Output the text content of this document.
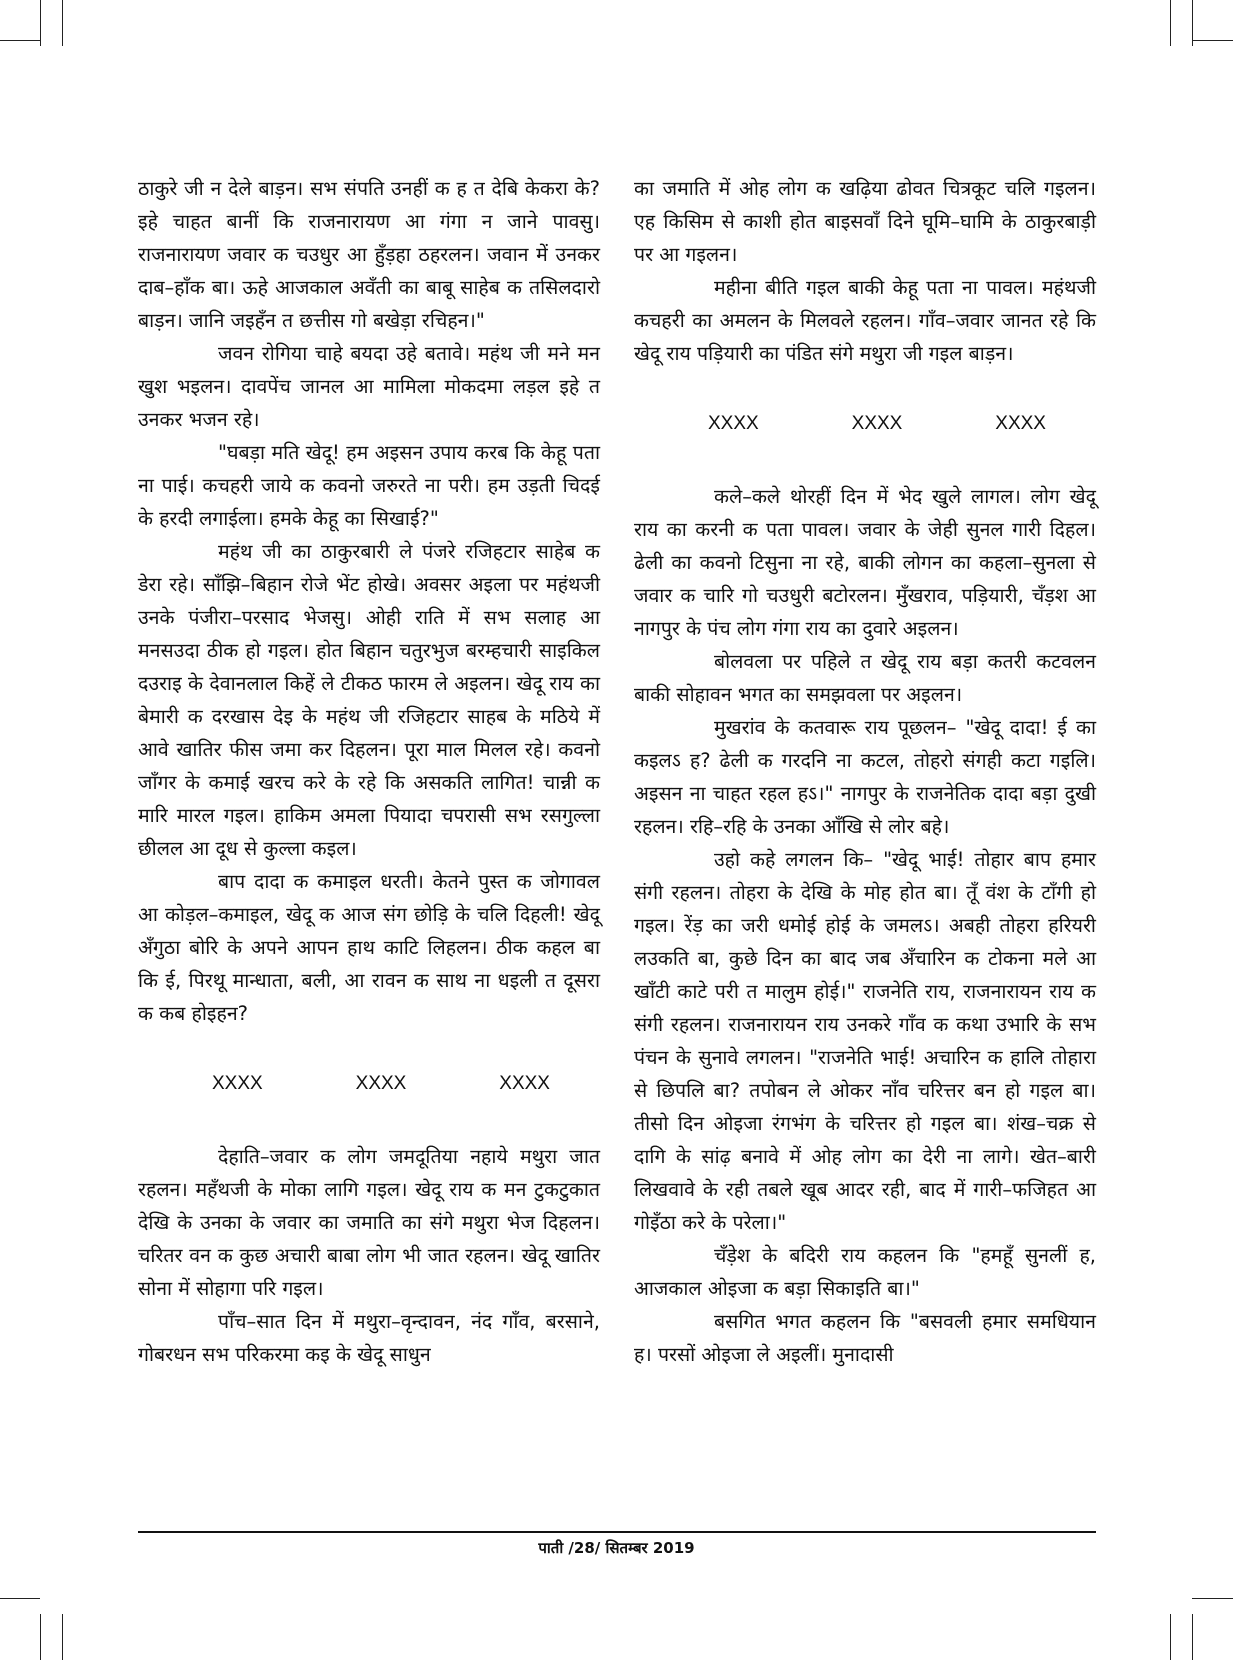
ठाकुरे जी न देले बाड़न। सभ संपति उनहीं क ह त देबि केकरा के? इहे चाहत बानीं कि राजनारायण आ गंगा न जाने पावसु। राजनारायण जवार क चउधुर आ हुँड़हा ठहरलन। जवान में उनकर दाब–हाँक बा। ऊहे आजकाल अवँती का बाबू साहेब क तसिलदारो बाड़न। जानि जइहँन त छत्तीस गो बखेड़ा रचिहन।"

जवन रोगिया चाहे बयदा उहे बतावे। महंथ जी मने मन खुश भइलन। दावपेंच जानल आ मामिला मोकदमा लड़ल इहे त उनकर भजन रहे।

"घबड़ा मति खेदू! हम अइसन उपाय करब कि केहू पता ना पाई। कचहरी जाये क कवनो जरुरते ना परी। हम उड़ती चिदई के हरदी लगाईला। हमके केहू का सिखाई?"

महंथ जी का ठाकुरबारी ले पंजरे रजिहटार साहेब क डेरा रहे। साँझि–बिहान रोजे भेंट होखे। अवसर अइला पर महंथजी उनके पंजीरा–परसाद भेजसु। ओही राति में सभ सलाह आ मनसउदा ठीक हो गइल। होत बिहान चतुरभुज बरम्हचारी साइकिल दउराइ के देवानलाल किहें ले टीकठ फारम ले अइलन। खेदू राय का बेमारी क दरखास देइ के महंथ जी रजिहटार साहब के मठिये में आवे खातिर फीस जमा कर दिहलन। पूरा माल मिलल रहे। कवनो जाँगर के कमाई खरच करे के रहे कि असकति लागित! चान्नी क मारि मारल गइल। हाकिम अमला पियादा चपरासी सभ रसगुल्ला छीलल आ दूध से कुल्ला कइल।

बाप दादा क कमाइल धरती। केतने पुस्त क जोगावल आ कोड़ल–कमाइल, खेदू क आज संग छोड़ि के चलि दिहली! खेदू अँगुठा बोरि के अपने आपन हाथ काटि लिहलन। ठीक कहल बा कि ई, पिरथू मान्धाता, बली, आ रावन क साथ ना धइली त दूसरा क कब होइहन?

XXXX	XXXX	XXXX

देहाति–जवार क लोग जमदूतिया नहाये मथुरा जात रहलन। महँथजी के मोका लागि गइल। खेदू राय क मन टुकटुकात देखि के उनका के जवार का जमाति का संगे मथुरा भेज दिहलन। चरितर वन क कुछ अचारी बाबा लोग भी जात रहलन। खेदू खातिर सोना में सोहागा परि गइल।

पाँच–सात दिन में मथुरा–वृन्दावन, नंद गाँव, बरसाने, गोबरधन सभ परिकरमा कइ के खेदू साधुन

का जमाति में ओह लोग क खढ़िया ढोवत चित्रकूट चलि गइलन। एह किसिम से काशी होत बाइसवाँ दिने घूमि–घामि के ठाकुरबाड़ी पर आ गइलन।

महीना बीति गइल बाकी केहू पता ना पावल। महंथजी कचहरी का अमलन के मिलवले रहलन। गाँव–जवार जानत रहे कि खेदू राय पड़ियारी का पंडित संगे मथुरा जी गइल बाड़न।

XXXX	XXXX	XXXX

कले–कले थोरहीं दिन में भेद खुले लागल। लोग खेदू राय का करनी क पता पावल। जवार के जेही सुनल गारी दिहल। ढेली का कवनो टिसुना ना रहे, बाकी लोगन का कहला–सुनला से जवार क चारि गो चउधुरी बटोरलन। मुँखराव, पड़ियारी, चँड़श आ नागपुर के पंच लोग गंगा राय का दुवारे अइलन।

बोलवला पर पहिले त खेदू राय बड़ा कतरी कटवलन बाकी सोहावन भगत का समझवला पर अइलन।

मुखरांव के कतवारू राय पूछलन– "खेदू दादा! ई का कइलऽ ह? ढेली क गरदनि ना कटल, तोहरो संगही कटा गइलि। अइसन ना चाहत रहल हऽ।" नागपुर के राजनेतिक दादा बड़ा दुखी रहलन। रहि–रहि के उनका आँखि से लोर बहे।

उहो कहे लगलन कि– "खेदू भाई! तोहार बाप हमार संगी रहलन। तोहरा के देखि के मोह होत बा। तूँ वंश के टाँगी हो गइल। रेंड़ का जरी धमोई होई के जमलऽ। अबही तोहरा हरियरी लउकति बा, कुछे दिन का बाद जब अँचारिन क टोकना मले आ खाँटी काटे परी त मालुम होई।" राजनेति राय, राजनारायन राय क संगी रहलन। राजनारायन राय उनकरे गाँव क कथा उभारि के सभ पंचन के सुनावे लगलन। "राजनेति भाई! अचारिन क हालि तोहारा से छिपलि बा? तपोबन ले ओकर नाँव चरित्तर बन हो गइल बा। तीसो दिन ओइजा रंगभंग के चरित्तर हो गइल बा। शंख–चक्र से दागि के सांढ़ बनावे में ओह लोग का देरी ना लागे। खेत–बारी लिखवावे के रही तबले खूब आदर रही, बाद में गारी–फजिहत आ गोइँठा करे के परेला।"

चँड़ेश के बदिरी राय कहलन कि "हमहूँ सुनलीं ह, आजकाल ओइजा क बड़ा सिकाइति बा।"

बसगित भगत कहलन कि "बसवली हमार समधियान ह। परसों ओइजा ले अइलीं। मुनादासी

पाती /28/ सितम्बर 2019
